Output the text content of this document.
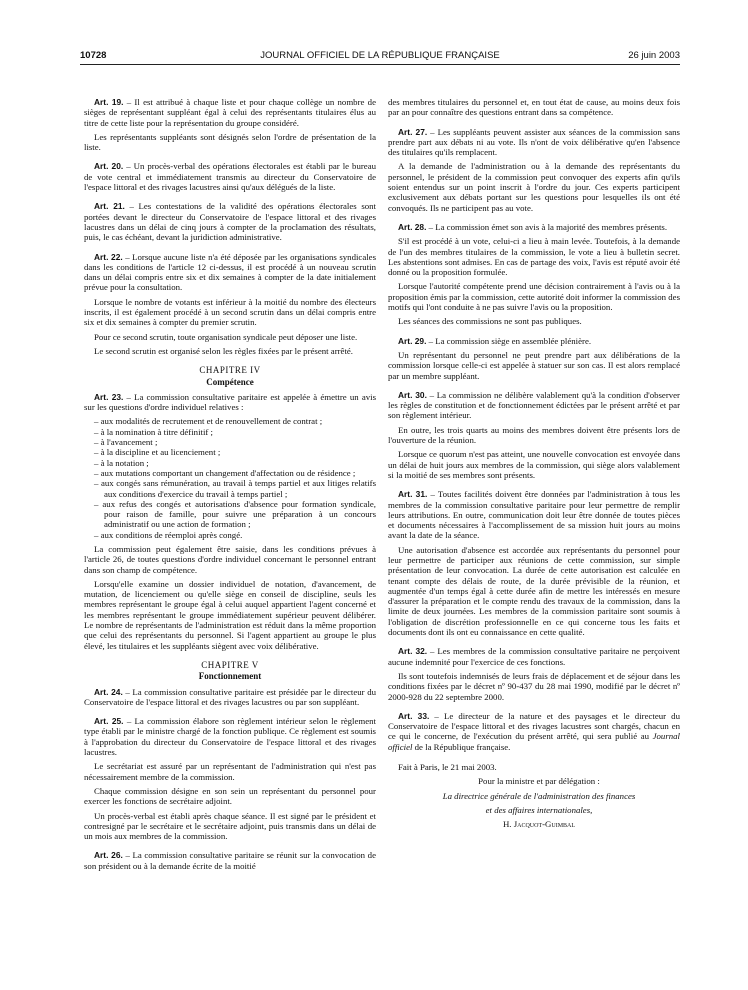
10728	JOURNAL OFFICIEL DE LA RÉPUBLIQUE FRANÇAISE	26 juin 2003

Art. 19. – Il est attribué à chaque liste et pour chaque collège un nombre de sièges de représentant suppléant égal à celui des représentants titulaires élus au titre de cette liste pour la représentation du groupe considéré.

Les représentants suppléants sont désignés selon l'ordre de présentation de la liste.

Art. 20. – Un procès-verbal des opérations électorales est établi par le bureau de vote central et immédiatement transmis au directeur du Conservatoire de l'espace littoral et des rivages lacustres ainsi qu'aux délégués de la liste.

Art. 21. – Les contestations de la validité des opérations électorales sont portées devant le directeur du Conservatoire de l'espace littoral et des rivages lacustres dans un délai de cinq jours à compter de la proclamation des résultats, puis, le cas échéant, devant la juridiction administrative.

Art. 22. – Lorsque aucune liste n'a été déposée par les organisations syndicales dans les conditions de l'article 12 ci-dessus, il est procédé à un nouveau scrutin dans un délai compris entre six et dix semaines à compter de la date initialement prévue pour la consultation.

Lorsque le nombre de votants est inférieur à la moitié du nombre des électeurs inscrits, il est également procédé à un second scrutin dans un délai compris entre six et dix semaines à compter du premier scrutin.

Pour ce second scrutin, toute organisation syndicale peut déposer une liste.

Le second scrutin est organisé selon les règles fixées par le présent arrêté.

CHAPITRE IV
Compétence

Art. 23. – La commission consultative paritaire est appelée à émettre un avis sur les questions d'ordre individuel relatives :

– aux modalités de recrutement et de renouvellement de contrat ;
– à la nomination à titre définitif ;
– à l'avancement ;
– à la discipline et au licenciement ;
– à la notation ;
– aux mutations comportant un changement d'affectation ou de résidence ;
– aux congés sans rémunération, au travail à temps partiel et aux litiges relatifs aux conditions d'exercice du travail à temps partiel ;
– aux refus des congés et autorisations d'absence pour formation syndicale, pour raison de famille, pour suivre une préparation à un concours administratif ou une action de formation ;
– aux conditions de réemploi après congé.

La commission peut également être saisie, dans les conditions prévues à l'article 26, de toutes questions d'ordre individuel concernant le personnel entrant dans son champ de compétence.

Lorsqu'elle examine un dossier individuel de notation, d'avancement, de mutation, de licenciement ou qu'elle siège en conseil de discipline, seuls les membres représentant le groupe égal à celui auquel appartient l'agent concerné et les membres représentant le groupe immédiatement supérieur peuvent délibérer. Le nombre de représentants de l'administration est réduit dans la même proportion que celui des représentants du personnel. Si l'agent appartient au groupe le plus élevé, les titulaires et les suppléants siègent avec voix délibérative.

CHAPITRE V
Fonctionnement

Art. 24. – La commission consultative paritaire est présidée par le directeur du Conservatoire de l'espace littoral et des rivages lacustres ou par son suppléant.

Art. 25. – La commission élabore son règlement intérieur selon le règlement type établi par le ministre chargé de la fonction publique. Ce règlement est soumis à l'approbation du directeur du Conservatoire de l'espace littoral et des rivages lacustres.

Le secrétariat est assuré par un représentant de l'administration qui n'est pas nécessairement membre de la commission.

Chaque commission désigne en son sein un représentant du personnel pour exercer les fonctions de secrétaire adjoint.

Un procès-verbal est établi après chaque séance. Il est signé par le président et contresigné par le secrétaire et le secrétaire adjoint, puis transmis dans un délai de un mois aux membres de la commission.

Art. 26. – La commission consultative paritaire se réunit sur la convocation de son président ou à la demande écrite de la moitié

des membres titulaires du personnel et, en tout état de cause, au moins deux fois par an pour connaître des questions entrant dans sa compétence.

Art. 27. – Les suppléants peuvent assister aux séances de la commission sans prendre part aux débats ni au vote. Ils n'ont de voix délibérative qu'en l'absence des titulaires qu'ils remplacent.

A la demande de l'administration ou à la demande des représentants du personnel, le président de la commission peut convoquer des experts afin qu'ils soient entendus sur un point inscrit à l'ordre du jour. Ces experts participent exclusivement aux débats portant sur les questions pour lesquelles ils ont été convoqués. Ils ne participent pas au vote.

Art. 28. – La commission émet son avis à la majorité des membres présents.

S'il est procédé à un vote, celui-ci a lieu à main levée. Toutefois, à la demande de l'un des membres titulaires de la commission, le vote a lieu à bulletin secret. Les abstentions sont admises. En cas de partage des voix, l'avis est réputé avoir été donné ou la proposition formulée.

Lorsque l'autorité compétente prend une décision contrairement à l'avis ou à la proposition émis par la commission, cette autorité doit informer la commission des motifs qui l'ont conduite à ne pas suivre l'avis ou la proposition.

Les séances des commissions ne sont pas publiques.

Art. 29. – La commission siège en assemblée plénière.

Un représentant du personnel ne peut prendre part aux délibérations de la commission lorsque celle-ci est appelée à statuer sur son cas. Il est alors remplacé par un membre suppléant.

Art. 30. – La commission ne délibère valablement qu'à la condition d'observer les règles de constitution et de fonctionnement édictées par le présent arrêté et par son règlement intérieur.

En outre, les trois quarts au moins des membres doivent être présents lors de l'ouverture de la réunion.

Lorsque ce quorum n'est pas atteint, une nouvelle convocation est envoyée dans un délai de huit jours aux membres de la commission, qui siège alors valablement si la moitié de ses membres sont présents.

Art. 31. – Toutes facilités doivent être données par l'administration à tous les membres de la commission consultative paritaire pour leur permettre de remplir leurs attributions. En outre, communication doit leur être donnée de toutes pièces et documents nécessaires à l'accomplissement de sa mission huit jours au moins avant la date de la séance.

Une autorisation d'absence est accordée aux représentants du personnel pour leur permettre de participer aux réunions de cette commission, sur simple présentation de leur convocation. La durée de cette autorisation est calculée en tenant compte des délais de route, de la durée prévisible de la réunion, et augmentée d'un temps égal à cette durée afin de mettre les intéressés en mesure d'assurer la préparation et le compte rendu des travaux de la commission, dans la limite de deux journées. Les membres de la commission paritaire sont soumis à l'obligation de discrétion professionnelle en ce qui concerne tous les faits et documents dont ils ont eu connaissance en cette qualité.

Art. 32. – Les membres de la commission consultative paritaire ne perçoivent aucune indemnité pour l'exercice de ces fonctions.

Ils sont toutefois indemnisés de leurs frais de déplacement et de séjour dans les conditions fixées par le décret nº 90-437 du 28 mai 1990, modifié par le décret nº 2000-928 du 22 septembre 2000.

Art. 33. – Le directeur de la nature et des paysages et le directeur du Conservatoire de l'espace littoral et des rivages lacustres sont chargés, chacun en ce qui le concerne, de l'exécution du présent arrêté, qui sera publié au Journal officiel de la République française.

Fait à Paris, le 21 mai 2003.

Pour la ministre et par délégation :

La directrice générale de l'administration des finances

et des affaires internationales,

H. Jacquot-Guimbal
